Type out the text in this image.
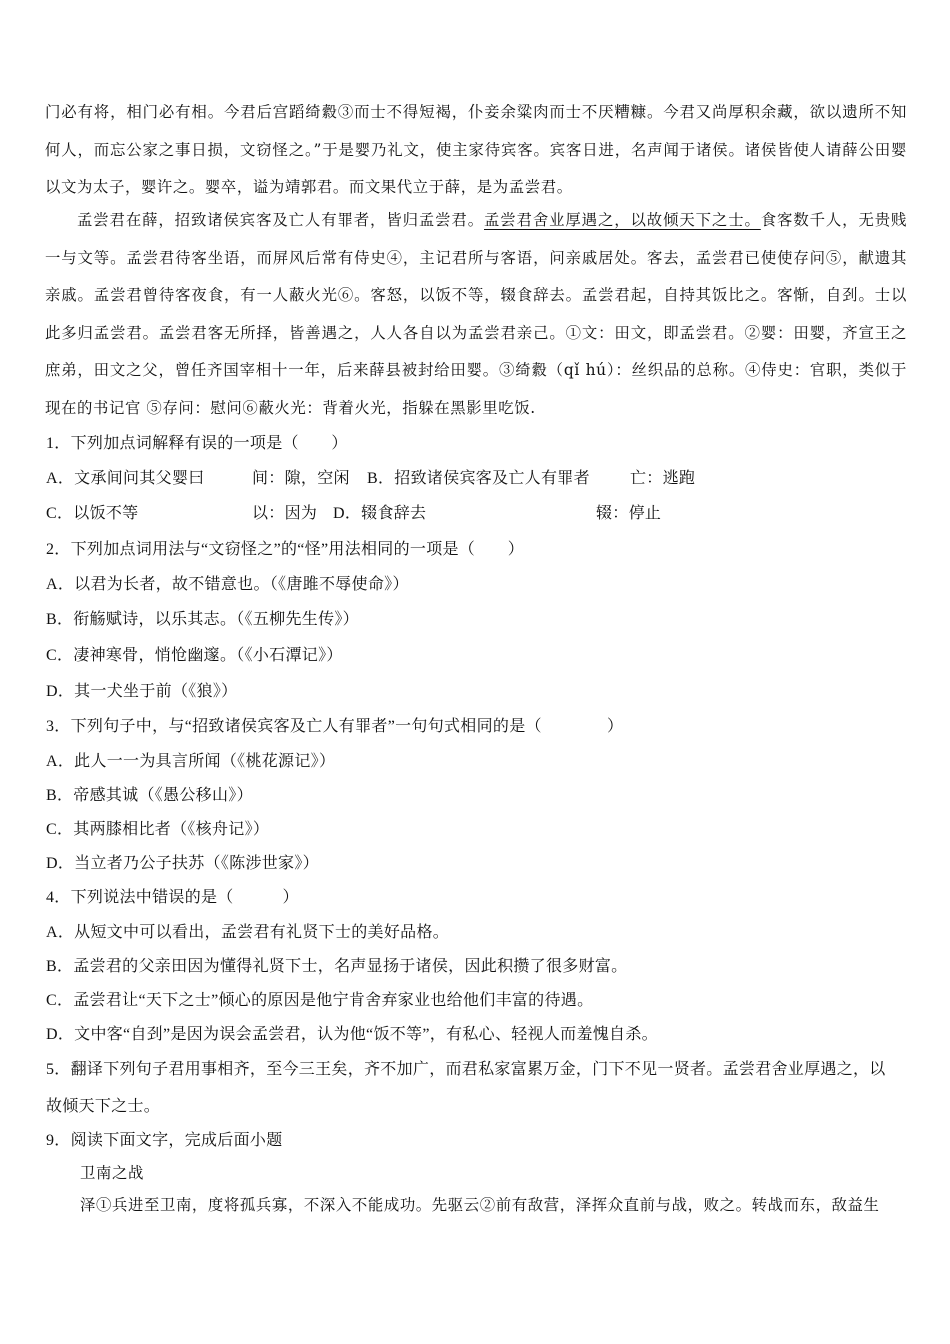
门必有将，相门必有相。今君后宫蹈绮縠③而士不得短褐，仆妾余粱肉而士不厌糟糠。今君又尚厚积余藏，欲以遗所不知何人，而忘公家之事日损，文窃怪之。”于是婴乃礼文，使主家待宾客。宾客日进，名声闻于诸侯。诸侯皆使人请薛公田婴以文为太子，婴许之。婴卒，谥为靖郭君。而文果代立于薛，是为孟尝君。
孟尝君在薛，招致诸侯宾客及亡人有罪者，皆归孟尝君。孟尝君舍业厚遇之，以故倾天下之士。食客数千人，无贵贱一与文等。孟尝君待客坐语，而屏风后常有侍史④，主记君所与客语，问亲戚居处。客去，孟尝君已使使存问⑤，献遗其亲戚。孟尝君曾待客夜食，有一人蔽火光⑥。客怒，以饭不等，辍食辞去。孟尝君起，自持其饭比之。客惭，自刭。士以此多归孟尝君。孟尝君客无所择，皆善遇之，人人各自以为孟尝君亲己。①文：田文，即孟尝君。②婴：田婴，齐宣王之庶弟，田文之父，曾任齐国宰相十一年，后来薛县被封给田婴。③绮縠（qǐ hú）：丝织品的总称。④侍史：官职，类似于现在的书记官 ⑤存问：慰问⑥蔽火光：背着火光，指躲在黑影里吃饭.
1．下列加点词解释有误的一项是（　　）
A．文承间问其父婴曰	间：隙，空闲 B．招致诸侯宾客及亡人有罪者	亡：逃跑
C．以饭不等	以：因为 D．辍食辞去	辍：停止
2．下列加点词用法与“文窃怪之”的“怪”用法相同的一项是（　　）
A．以君为长者，故不错意也。（《唐雎不辱使命》）
B．衔觞赋诗，以乐其志。（《五柳先生传》）
C．凄神寒骨，悄怆幽邃。（《小石潭记》）
D．其一犬坐于前（《狼》）
3．下列句子中，与“招致诸侯宾客及亡人有罪者”一句句式相同的是（　　　　）
A．此人一一为具言所闻（《桃花源记》）
B．帝感其诚（《愚公移山》）
C．其两膝相比者（《核舟记》）
D．当立者乃公子扶苏（《陈涉世家》）
4．下列说法中错误的是（　　　）
A．从短文中可以看出，孟尝君有礼贤下士的美好品格。
B．孟尝君的父亲田因为懂得礼贤下士，名声显扬于诸侯，因此积攒了很多财富。
C．孟尝君让“天下之士”倾心的原因是他宁肯舍弃家业也给他们丰富的待遇。
D．文中客“自刭”是因为误会孟尝君，认为他“饭不等”，有私心、轻视人而羞愧自杀。
5．翻译下列句子君用事相齐，至今三王矣，齐不加广，而君私家富累万金，门下不见一贤者。孟尝君舍业厚遇之，以
故倾天下之士。
9．阅读下面文字，完成后面小题
卫南之战
泽①兵进至卫南，度将孤兵寡，不深入不能成功。先驱云②前有敌营，泽挥众直前与战，败之。转战而东，敌益生
